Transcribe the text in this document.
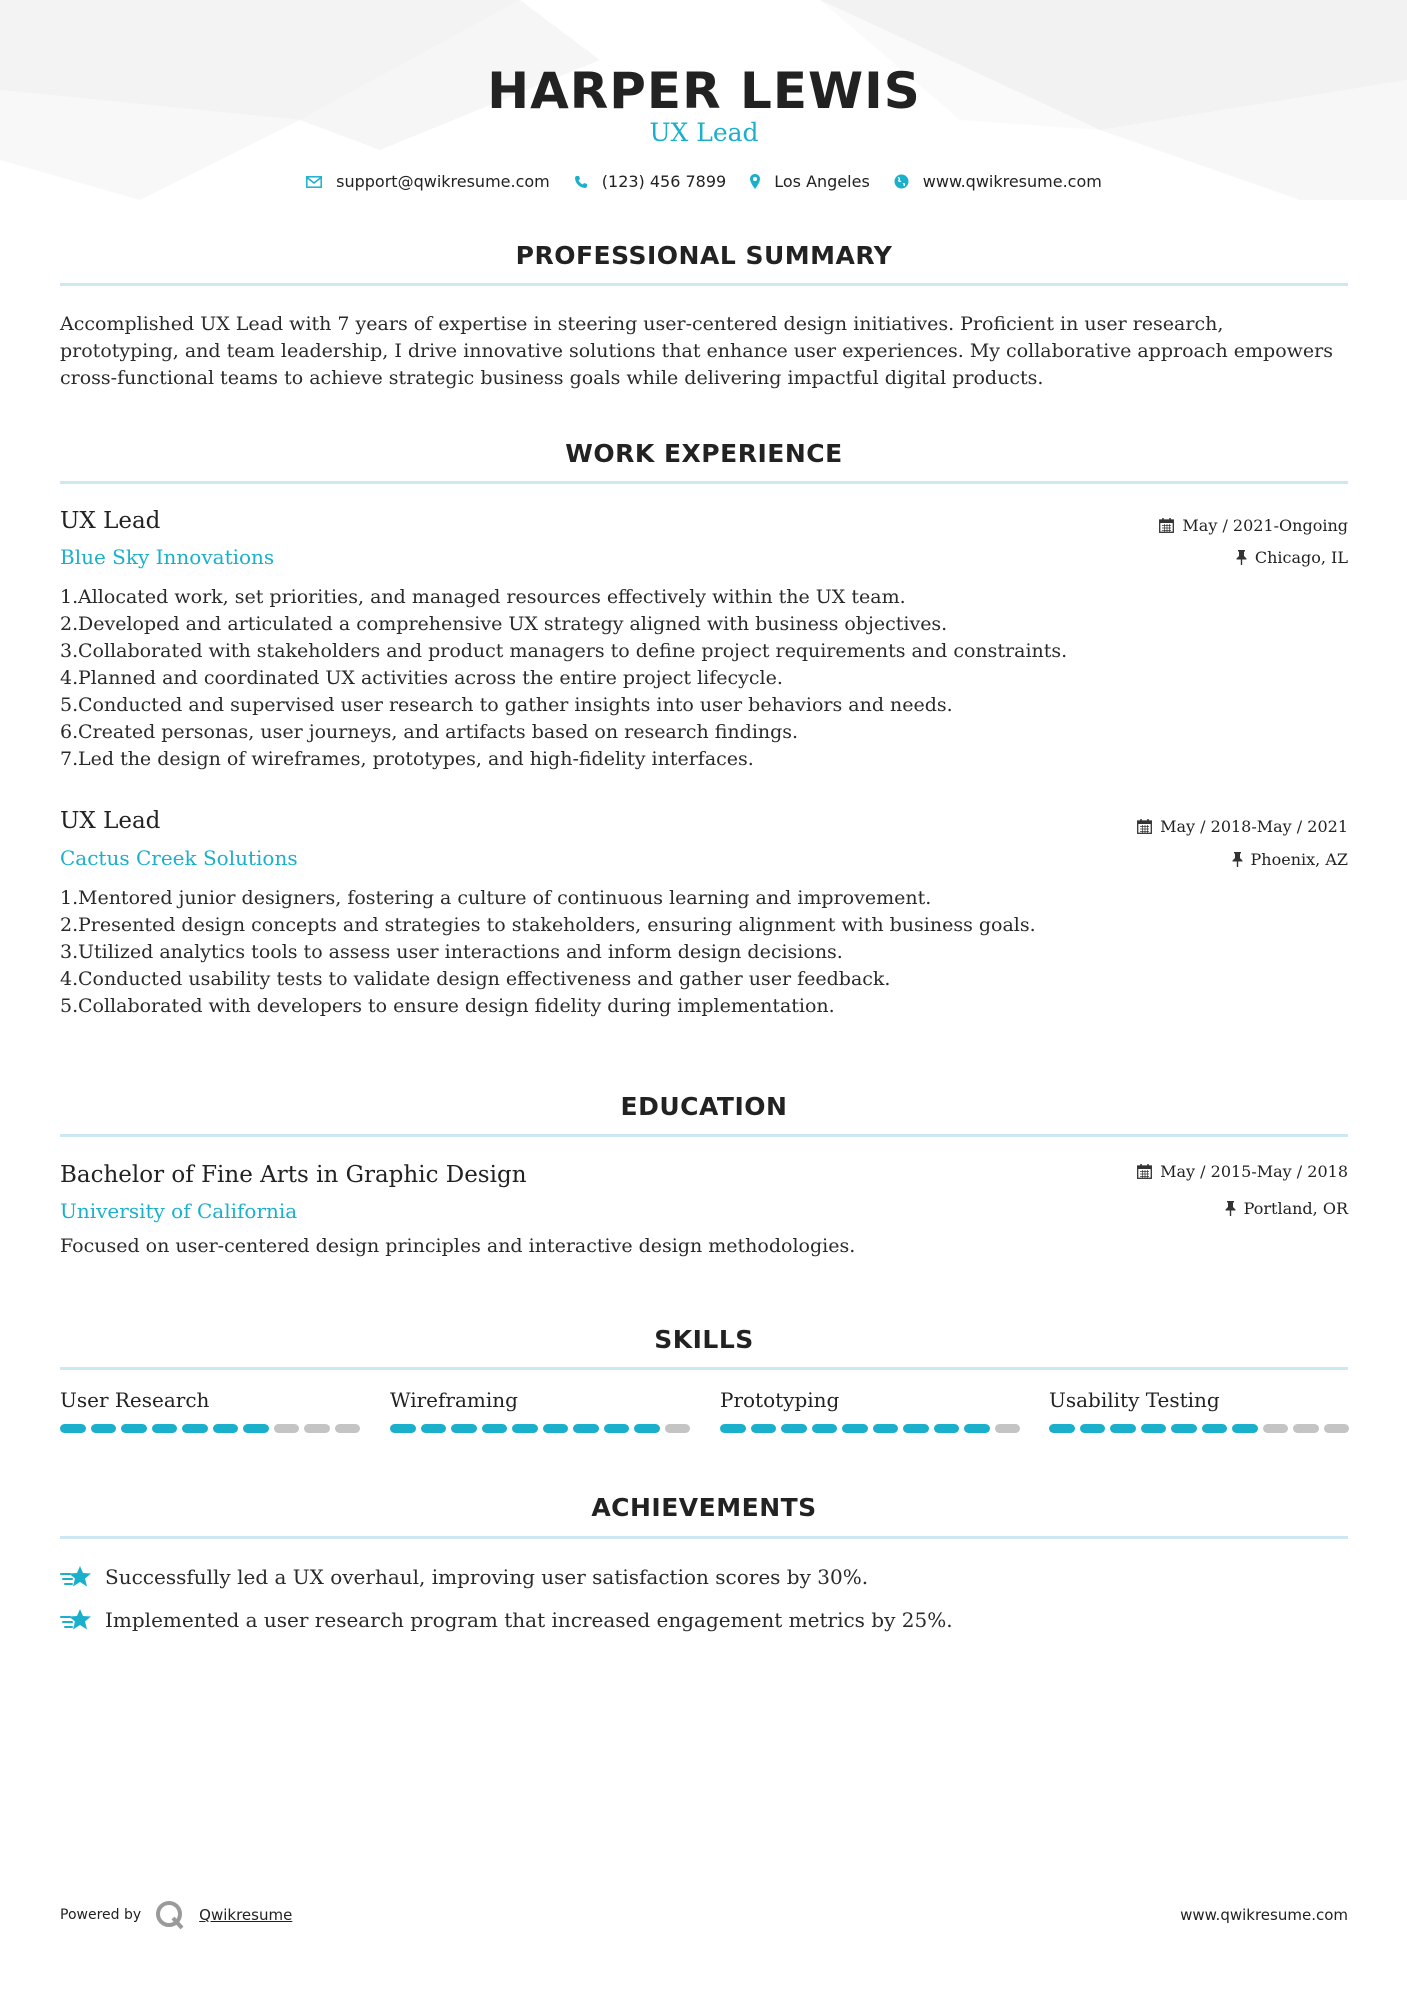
HARPER LEWIS
UX Lead
support@qwikresume.com	(123) 456 7899	Los Angeles	www.qwikresume.com
PROFESSIONAL SUMMARY
Accomplished UX Lead with 7 years of expertise in steering user-centered design initiatives. Proficient in user research, prototyping, and team leadership, I drive innovative solutions that enhance user experiences. My collaborative approach empowers cross-functional teams to achieve strategic business goals while delivering impactful digital products.
WORK EXPERIENCE
UX Lead
Blue Sky Innovations
May / 2021-Ongoing
Chicago, IL
1. Allocated work, set priorities, and managed resources effectively within the UX team.
2. Developed and articulated a comprehensive UX strategy aligned with business objectives.
3. Collaborated with stakeholders and product managers to define project requirements and constraints.
4. Planned and coordinated UX activities across the entire project lifecycle.
5. Conducted and supervised user research to gather insights into user behaviors and needs.
6. Created personas, user journeys, and artifacts based on research findings.
7. Led the design of wireframes, prototypes, and high-fidelity interfaces.
UX Lead
Cactus Creek Solutions
May / 2018-May / 2021
Phoenix, AZ
1. Mentored junior designers, fostering a culture of continuous learning and improvement.
2. Presented design concepts and strategies to stakeholders, ensuring alignment with business goals.
3. Utilized analytics tools to assess user interactions and inform design decisions.
4. Conducted usability tests to validate design effectiveness and gather user feedback.
5. Collaborated with developers to ensure design fidelity during implementation.
EDUCATION
Bachelor of Fine Arts in Graphic Design
University of California
May / 2015-May / 2018
Portland, OR
Focused on user-centered design principles and interactive design methodologies.
SKILLS
User Research	Wireframing	Prototyping	Usability Testing
ACHIEVEMENTS
Successfully led a UX overhaul, improving user satisfaction scores by 30%.
Implemented a user research program that increased engagement metrics by 25%.
Powered by	Qwikresume	www.qwikresume.com
